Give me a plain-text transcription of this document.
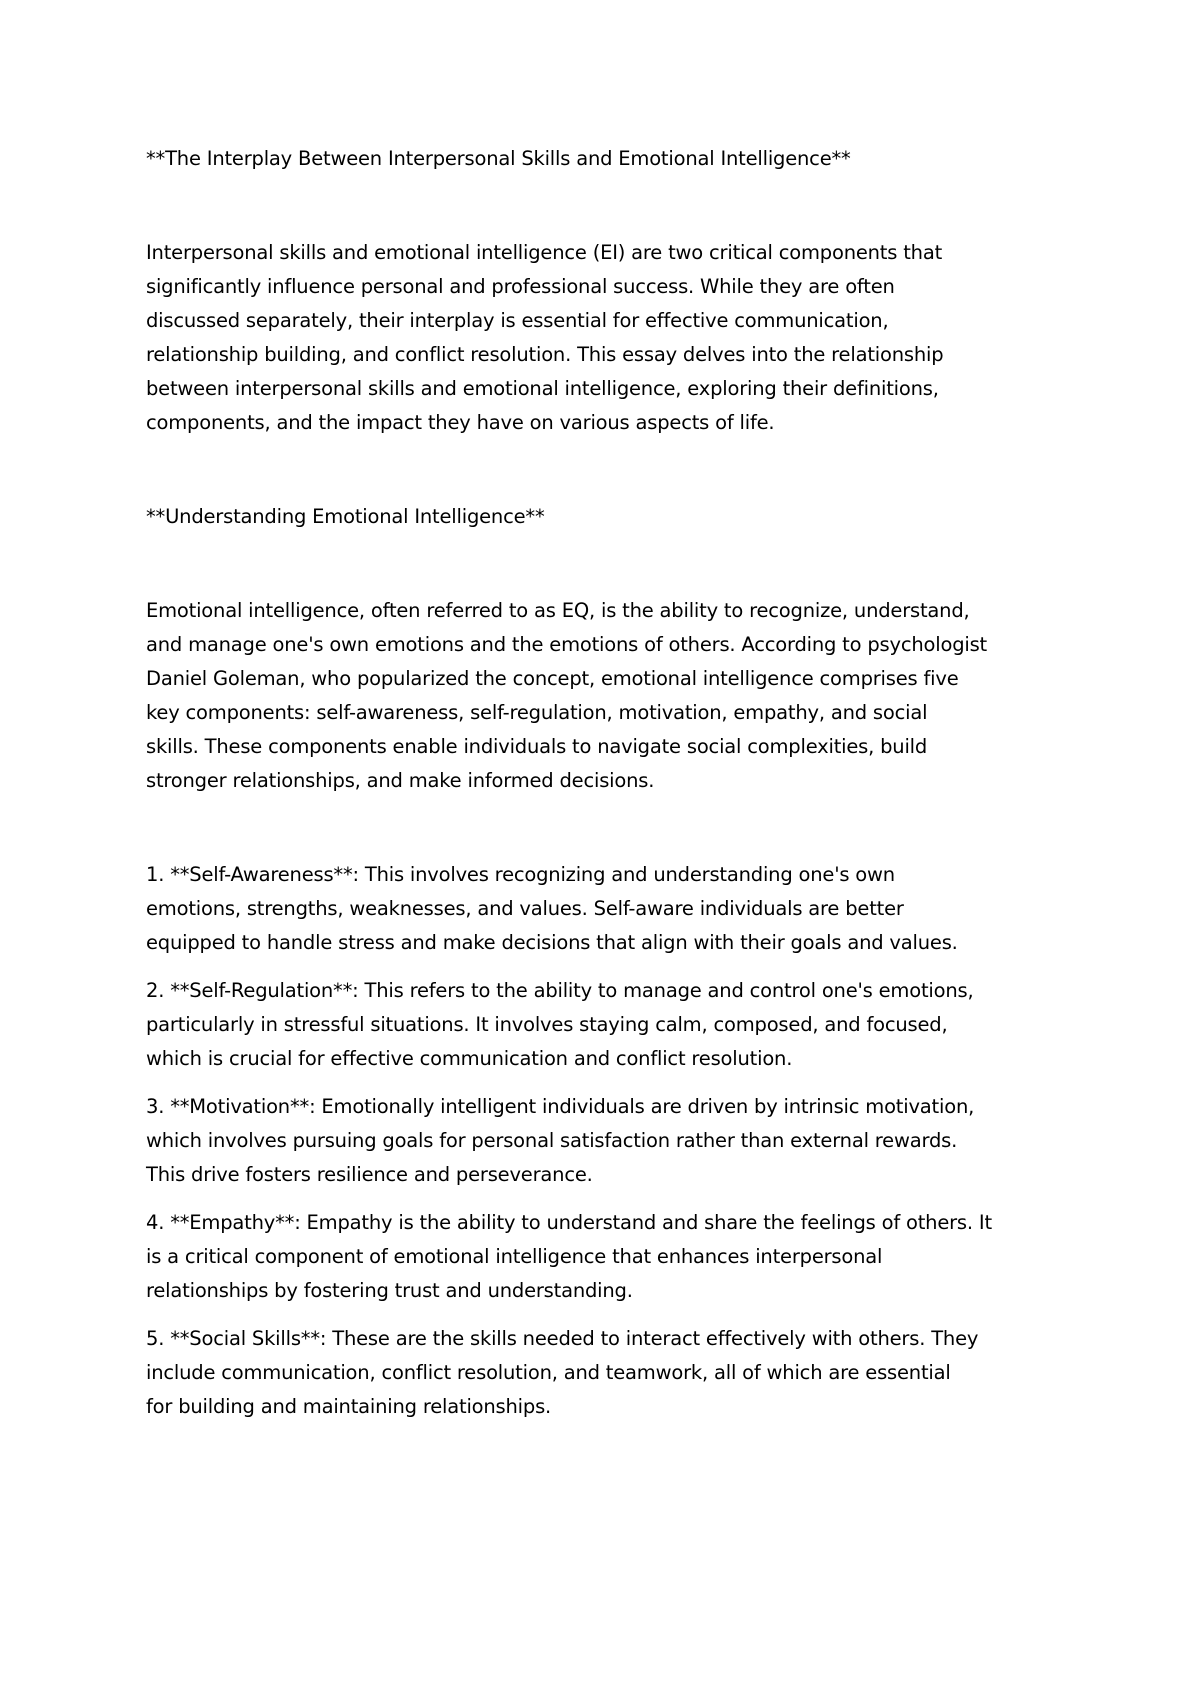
**The Interplay Between Interpersonal Skills and Emotional Intelligence**

Interpersonal skills and emotional intelligence (EI) are two critical components that

significantly influence personal and professional success. While they are often

discussed separately, their interplay is essential for effective communication,

relationship building, and conflict resolution. This essay delves into the relationship

between interpersonal skills and emotional intelligence, exploring their definitions,

components, and the impact they have on various aspects of life.

**Understanding Emotional Intelligence**

Emotional intelligence, often referred to as EQ, is the ability to recognize, understand,

and manage one's own emotions and the emotions of others. According to psychologist

Daniel Goleman, who popularized the concept, emotional intelligence comprises five

key components: self-awareness, self-regulation, motivation, empathy, and social

skills. These components enable individuals to navigate social complexities, build

stronger relationships, and make informed decisions.

1. **Self-Awareness**: This involves recognizing and understanding one's own

emotions, strengths, weaknesses, and values. Self-aware individuals are better

equipped to handle stress and make decisions that align with their goals and values.

2. **Self-Regulation**: This refers to the ability to manage and control one's emotions,

particularly in stressful situations. It involves staying calm, composed, and focused,

which is crucial for effective communication and conflict resolution.

3. **Motivation**: Emotionally intelligent individuals are driven by intrinsic motivation,

which involves pursuing goals for personal satisfaction rather than external rewards.

This drive fosters resilience and perseverance.

4. **Empathy**: Empathy is the ability to understand and share the feelings of others. It

is a critical component of emotional intelligence that enhances interpersonal

relationships by fostering trust and understanding.

5. **Social Skills**: These are the skills needed to interact effectively with others. They

include communication, conflict resolution, and teamwork, all of which are essential

for building and maintaining relationships.
